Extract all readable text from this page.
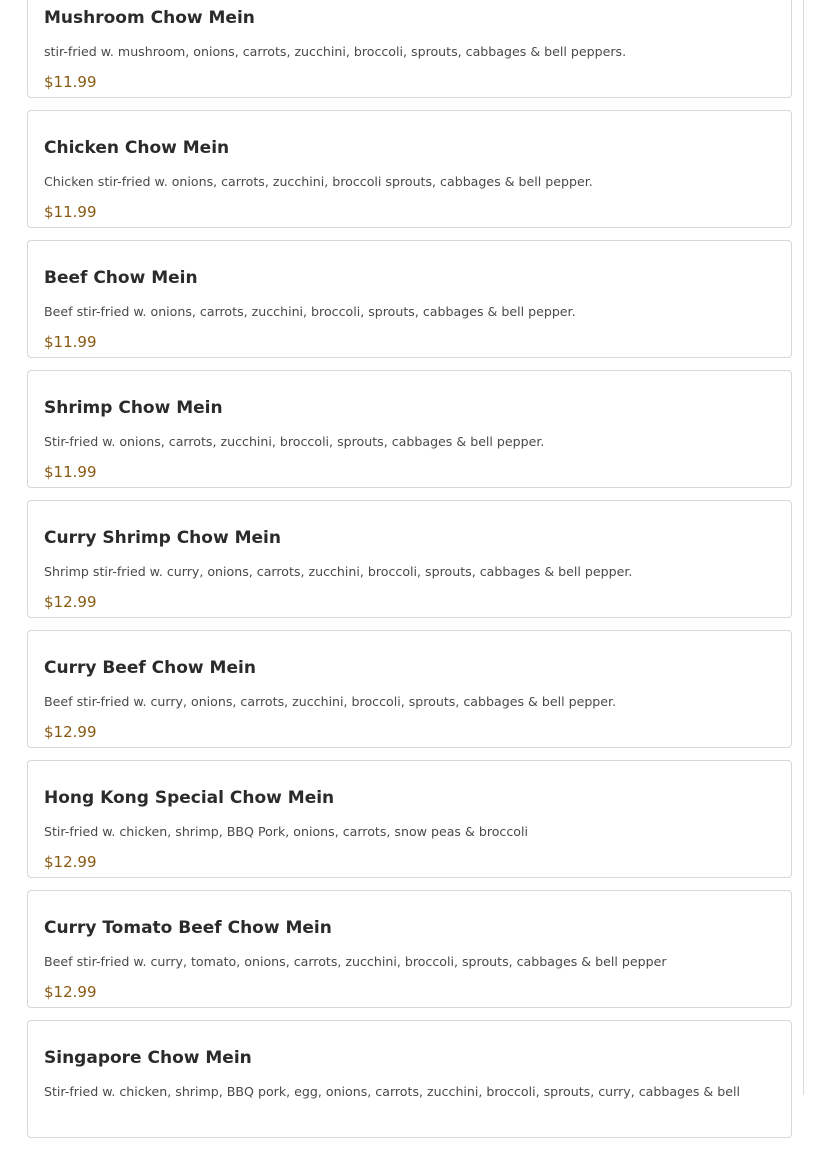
Mushroom Chow Mein
stir-fried w. mushroom, onions, carrots, zucchini, broccoli, sprouts, cabbages & bell peppers.
$11.99
Chicken Chow Mein
Chicken stir-fried w. onions, carrots, zucchini, broccoli sprouts, cabbages & bell pepper.
$11.99
Beef Chow Mein
Beef stir-fried w. onions, carrots, zucchini, broccoli, sprouts, cabbages & bell pepper.
$11.99
Shrimp Chow Mein
Stir-fried w. onions, carrots, zucchini, broccoli, sprouts, cabbages & bell pepper.
$11.99
Curry Shrimp Chow Mein
Shrimp stir-fried w. curry, onions, carrots, zucchini, broccoli, sprouts, cabbages & bell pepper.
$12.99
Curry Beef Chow Mein
Beef stir-fried w. curry, onions, carrots, zucchini, broccoli, sprouts, cabbages & bell pepper.
$12.99
Hong Kong Special Chow Mein
Stir-fried w. chicken, shrimp, BBQ Pork, onions, carrots, snow peas & broccoli
$12.99
Curry Tomato Beef Chow Mein
Beef stir-fried w. curry, tomato, onions, carrots, zucchini, broccoli, sprouts, cabbages & bell pepper
$12.99
Singapore Chow Mein
Stir-fried w. chicken, shrimp, BBQ pork, egg, onions, carrots, zucchini, broccoli, sprouts, curry, cabbages & bell
